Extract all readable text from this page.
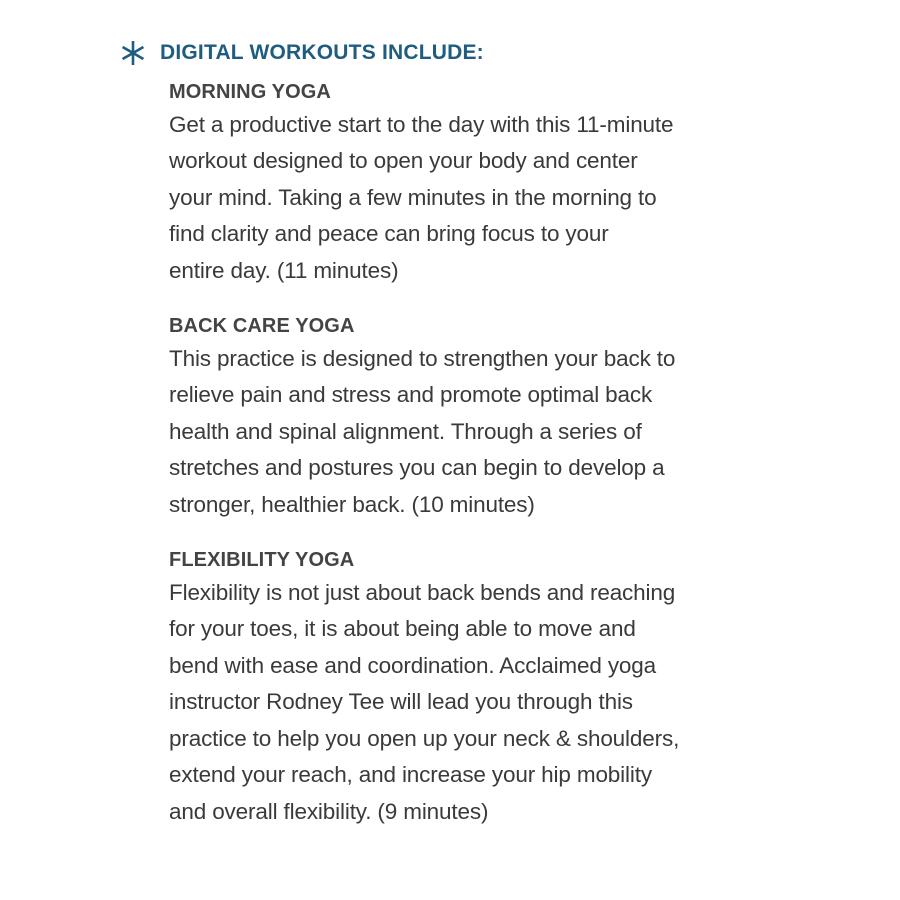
DIGITAL WORKOUTS INCLUDE:
MORNING YOGA

Get a productive start to the day with this 11-minute
workout designed to open your body and center
your mind. Taking a few minutes in the morning to
find clarity and peace can bring focus to your
entire day. (11 minutes)

BACK CARE YOGA

This practice is designed to strengthen your back to
relieve pain and stress and promote optimal back
health and spinal alignment. Through a series of
stretches and postures you can begin to develop a
stronger, healthier back. (10 minutes)

FLEXIBILITY YOGA

Flexibility is not just about back bends and reaching
for your toes, it is about being able to move and
bend with ease and coordination. Acclaimed yoga
instructor Rodney Tee will lead you through this
practice to help you open up your neck & shoulders,
extend your reach, and increase your hip mobility
and overall flexibility. (9 minutes)
